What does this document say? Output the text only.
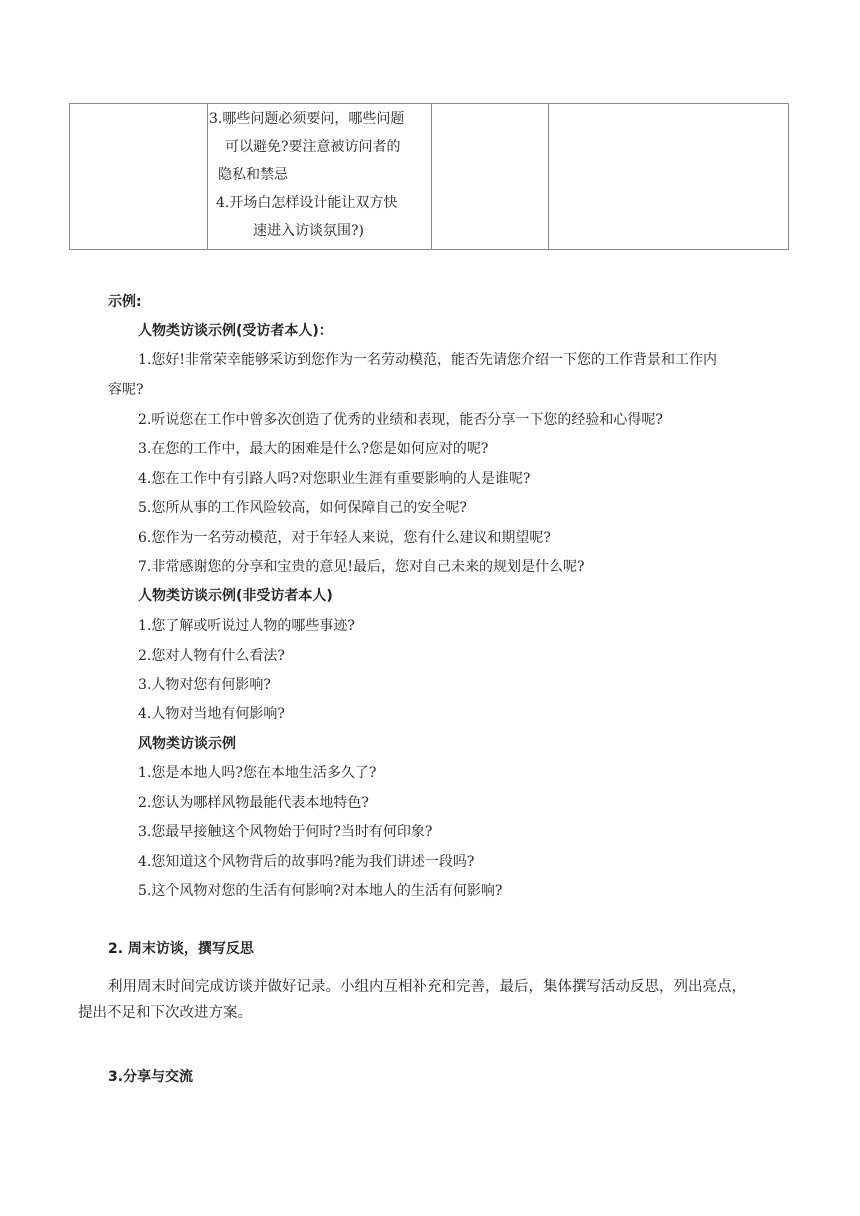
3.哪些问题必须要问，哪些问题
可以避免?要注意被访问者的
隐私和禁忌
4.开场白怎样设计能让双方快
速进入访谈氛围?)

示例:
人物类访谈示例(受访者本人)：
1.您好!非常荣幸能够采访到您作为一名劳动模范，能否先请您介绍一下您的工作背景和工作内
容呢?
2.听说您在工作中曾多次创造了优秀的业绩和表现，能否分享一下您的经验和心得呢?
3.在您的工作中，最大的困难是什么?您是如何应对的呢?
4.您在工作中有引路人吗?对您职业生涯有重要影响的人是谁呢?
5.您所从事的工作风险较高，如何保障自己的安全呢?
6.您作为一名劳动模范，对于年轻人来说，您有什么建议和期望呢?
7.非常感谢您的分享和宝贵的意见!最后，您对自己未来的规划是什么呢?
人物类访谈示例(非受访者本人)
1.您了解或听说过人物的哪些事迹?
2.您对人物有什么看法?
3.人物对您有何影响?
4.人物对当地有何影响?
风物类访谈示例
1.您是本地人吗?您在本地生活多久了?
2.您认为哪样风物最能代表本地特色?
3.您最早接触这个风物始于何时?当时有何印象?
4.您知道这个风物背后的故事吗?能为我们讲述一段吗?
5.这个风物对您的生活有何影响?对本地人的生活有何影响?
2. 周末访谈，撰写反思
利用周末时间完成访谈并做好记录。小组内互相补充和完善，最后，集体撰写活动反思，列出亮点，
提出不足和下次改进方案。
3.分享与交流
